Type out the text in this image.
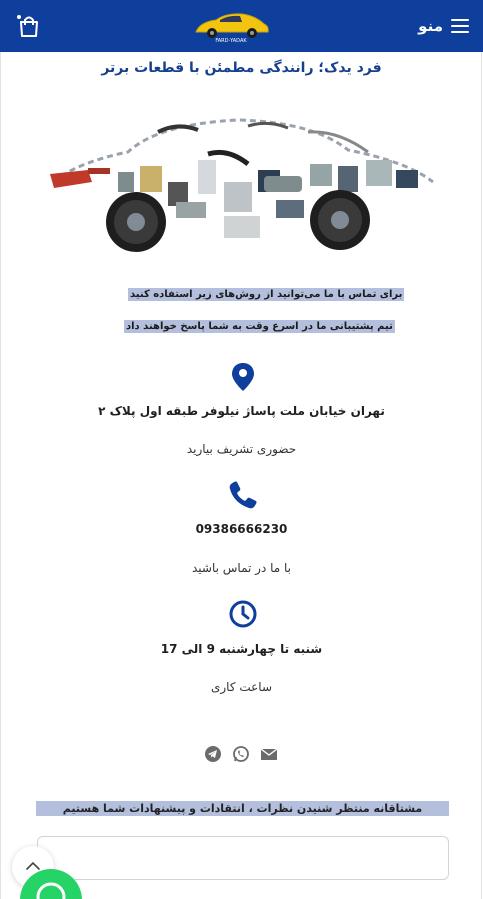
منو
FARD·YADAK
فرد یدک؛ رانندگی مطمئن با قطعات برتر
برای تماس با ما می‌توانید از روش‌های زیر استفاده کنید
تیم پشتیبانی ما در اسرع وقت به شما پاسخ خواهند داد
تهران خیابان ملت پاساژ نیلوفر طبقه اول پلاک ۲
حضوری تشریف بیارید
09386666230
با ما در تماس باشید
شنبه تا چهارشنبه 9 الی 17
ساعت کاری
مشتاقانه منتظر شنیدن نظرات ، انتقادات و پیشنهادات شما هستیم
